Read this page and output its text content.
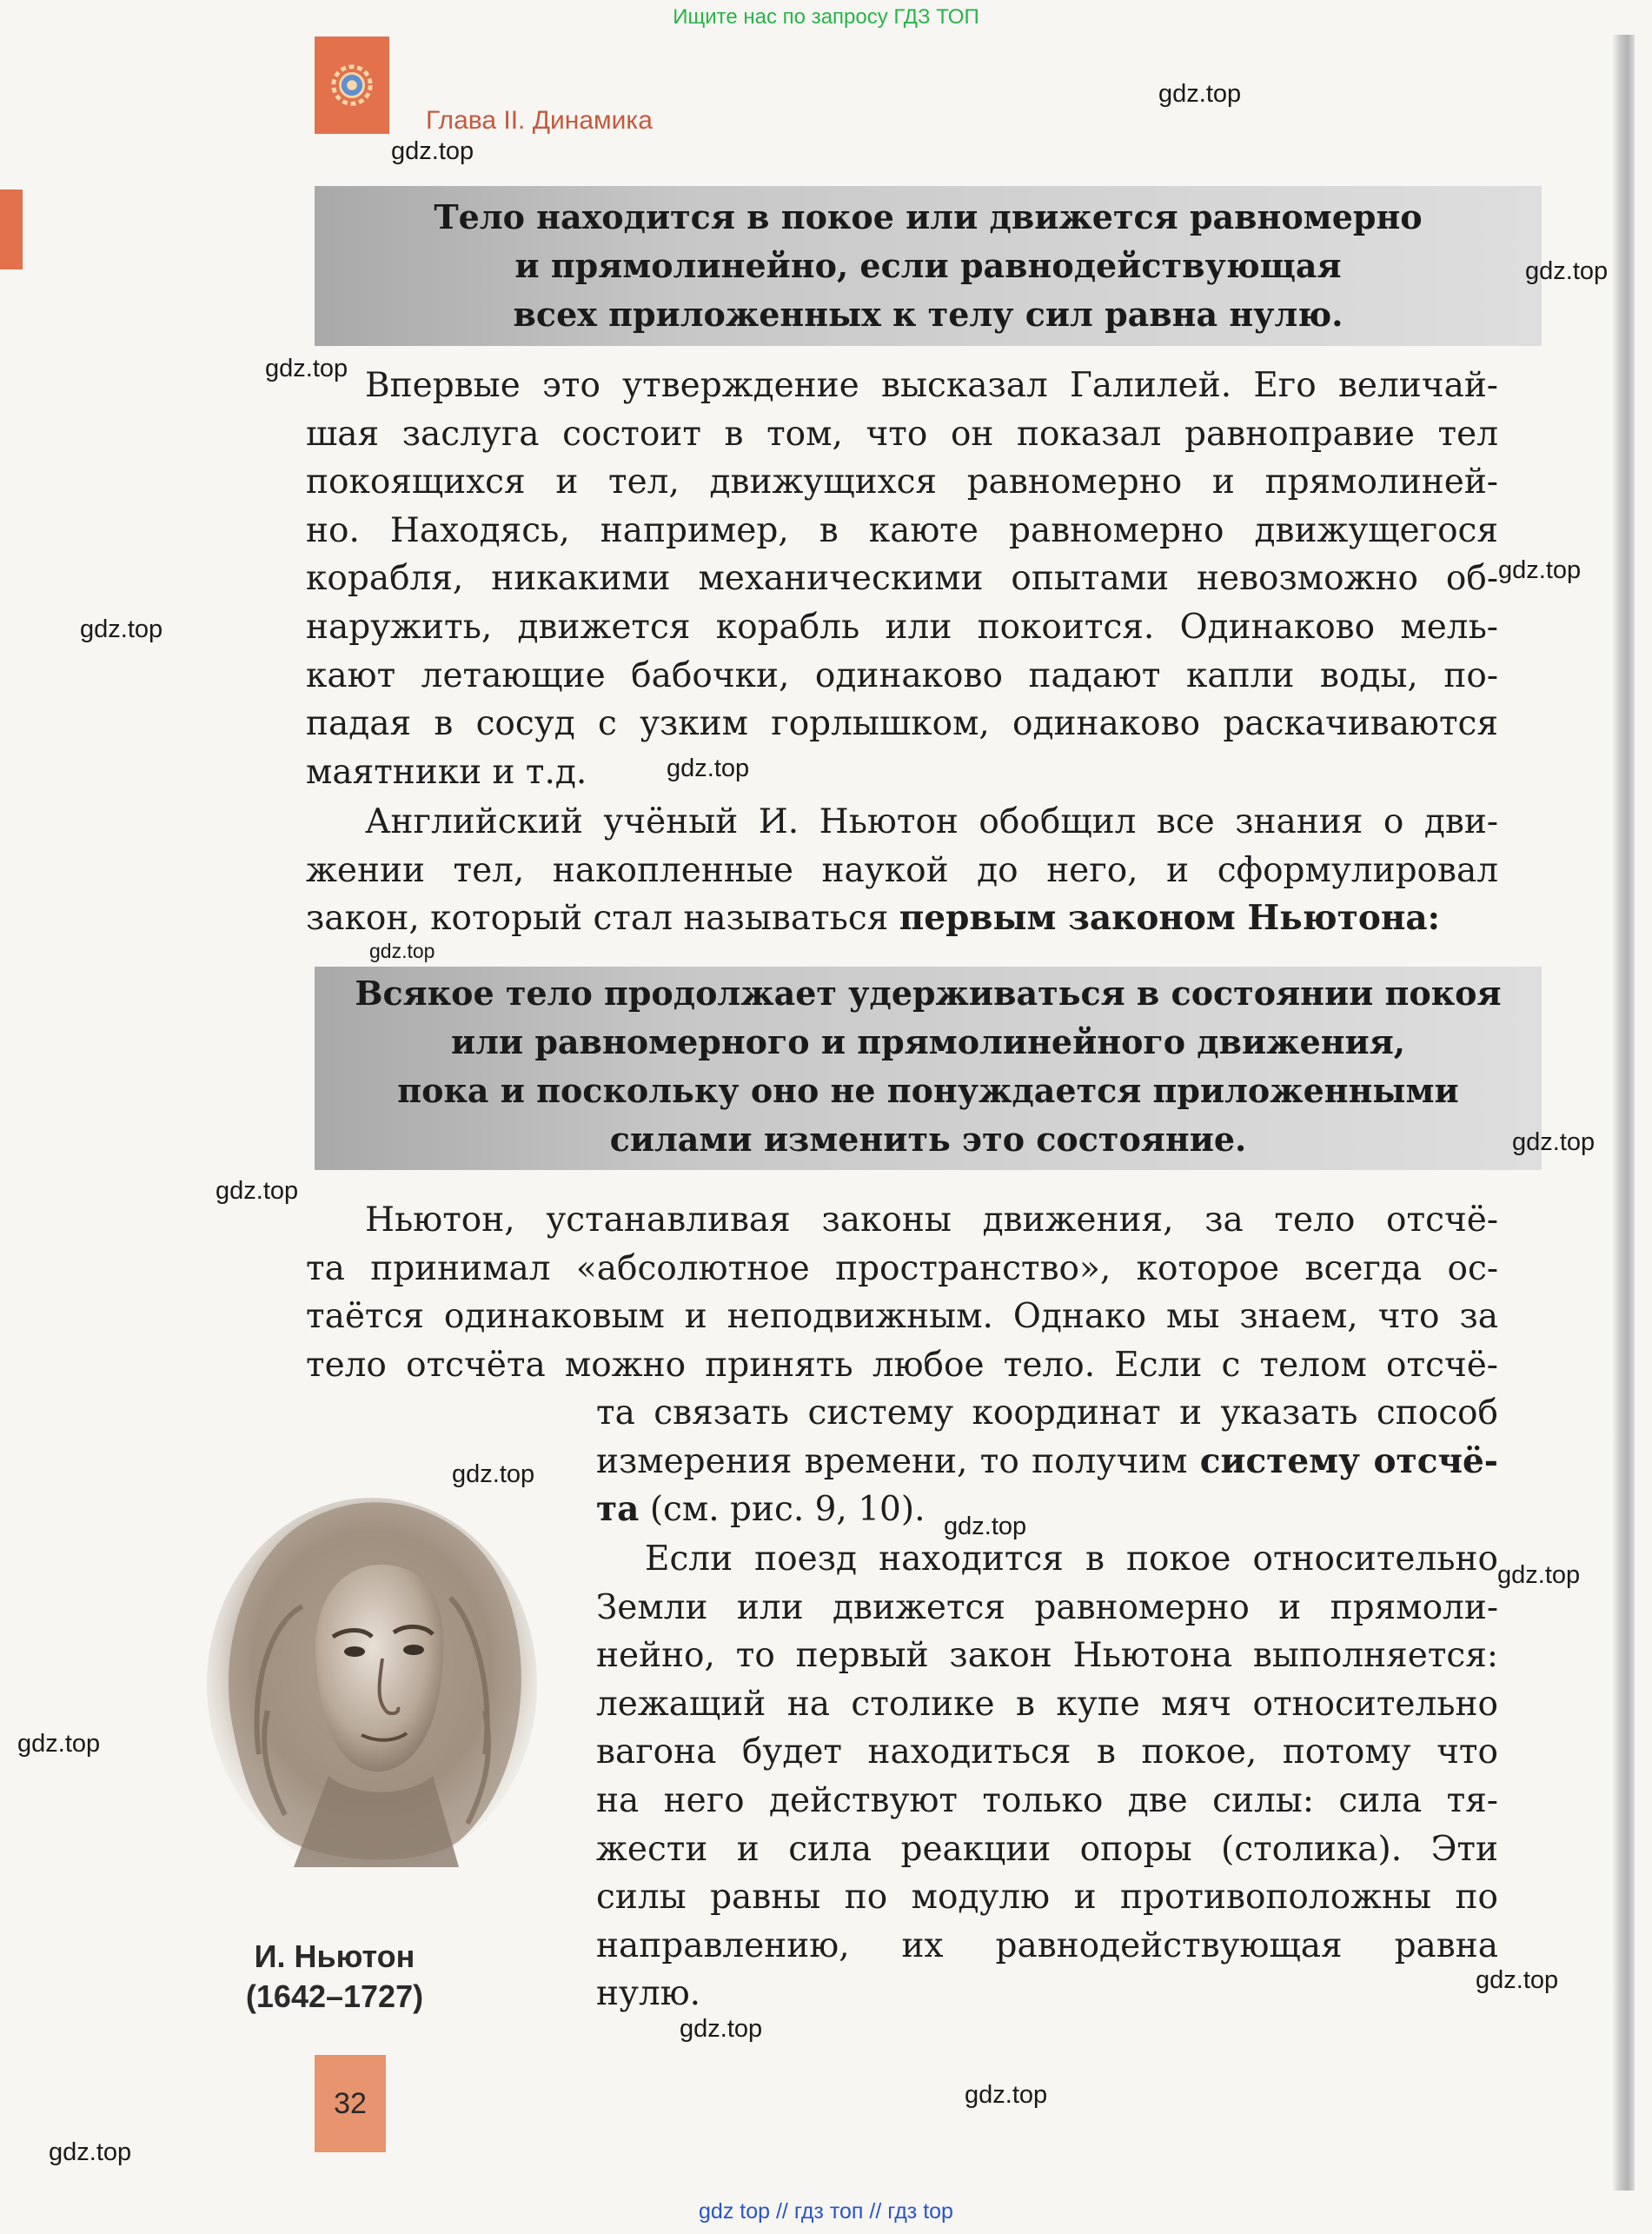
Ищите нас по запросу ГДЗ ТОП
Глава II. Динамика
Тело находится в покое или движется равномерно
и прямолинейно, если равнодействующая
всех приложенных к телу сил равна нулю.
Впервые это утверждение высказал Галилей. Его величай-
шая заслуга состоит в том, что он показал равноправие тел
покоящихся и тел, движущихся равномерно и прямолиней-
но. Находясь, например, в каюте равномерно движущегося
корабля, никакими механическими опытами невозможно об-
наружить, движется корабль или покоится. Одинаково мель-
кают летающие бабочки, одинаково падают капли воды, по-
падая в сосуд с узким горлышком, одинаково раскачиваются
маятники и т.д.
Английский учёный И. Ньютон обобщил все знания о дви-
жении тел, накопленные наукой до него, и сформулировал
закон, который стал называться первым законом Ньютона:
Всякое тело продолжает удерживаться в состоянии покоя
или равномерного и прямолинейного движения,
пока и поскольку оно не понуждается приложенными
силами изменить это состояние.
Ньютон, устанавливая законы движения, за тело отсчё-
та принимал «абсолютное пространство», которое всегда ос-
таётся одинаковым и неподвижным. Однако мы знаем, что за
тело отсчёта можно принять любое тело. Если с телом отсчё-
та связать систему координат и указать способ
измерения времени, то получим систему отсчё-
та (см. рис. 9, 10).
Если поезд находится в покое относительно
Земли или движется равномерно и прямоли-
нейно, то первый закон Ньютона выполняется:
лежащий на столике в купе мяч относительно
вагона будет находиться в покое, потому что
на него действуют только две силы: сила тя-
жести и сила реакции опоры (столика). Эти
силы равны по модулю и противоположны по
направлению, их равнодействующая равна
нулю.
И. Ньютон
(1642–1727)
32
gdz.top
gdz.top
gdz.top
gdz.top
gdz.top
gdz.top
gdz.top
gdz.top
gdz.top
gdz.top
gdz.top
gdz.top
gdz.top
gdz.top
gdz.top
gdz.top
gdz.top
gdz.top
gdz top // гдз топ // гдз top
